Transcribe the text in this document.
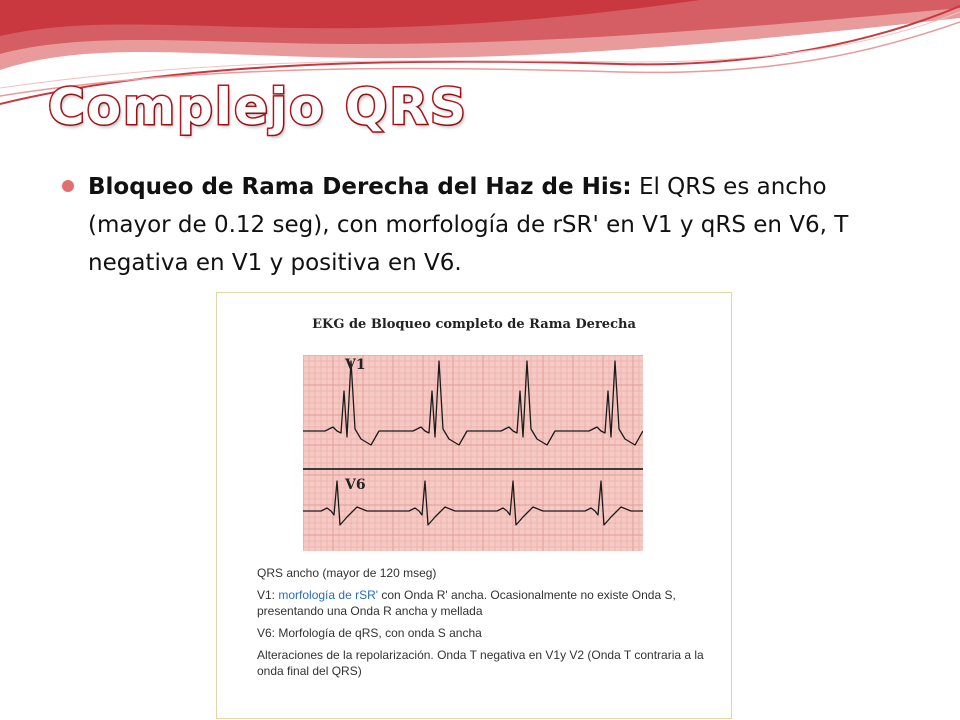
Complejo QRS
Bloqueo de Rama Derecha del Haz de His: El QRS es ancho (mayor de 0.12 seg), con morfología de rSR' en V1 y qRS en V6, T negativa en V1 y positiva en V6.
EKG de Bloqueo completo de Rama Derecha
V1
V6

QRS ancho (mayor de 120 mseg)

V1: morfología de rSR' con Onda R' ancha. Ocasionalmente no existe Onda S, presentando una Onda R ancha y mellada

V6: Morfología de qRS, con onda S ancha

Alteraciones de la repolarización. Onda T negativa en V1y V2 (Onda T contraria a la onda final del QRS)
